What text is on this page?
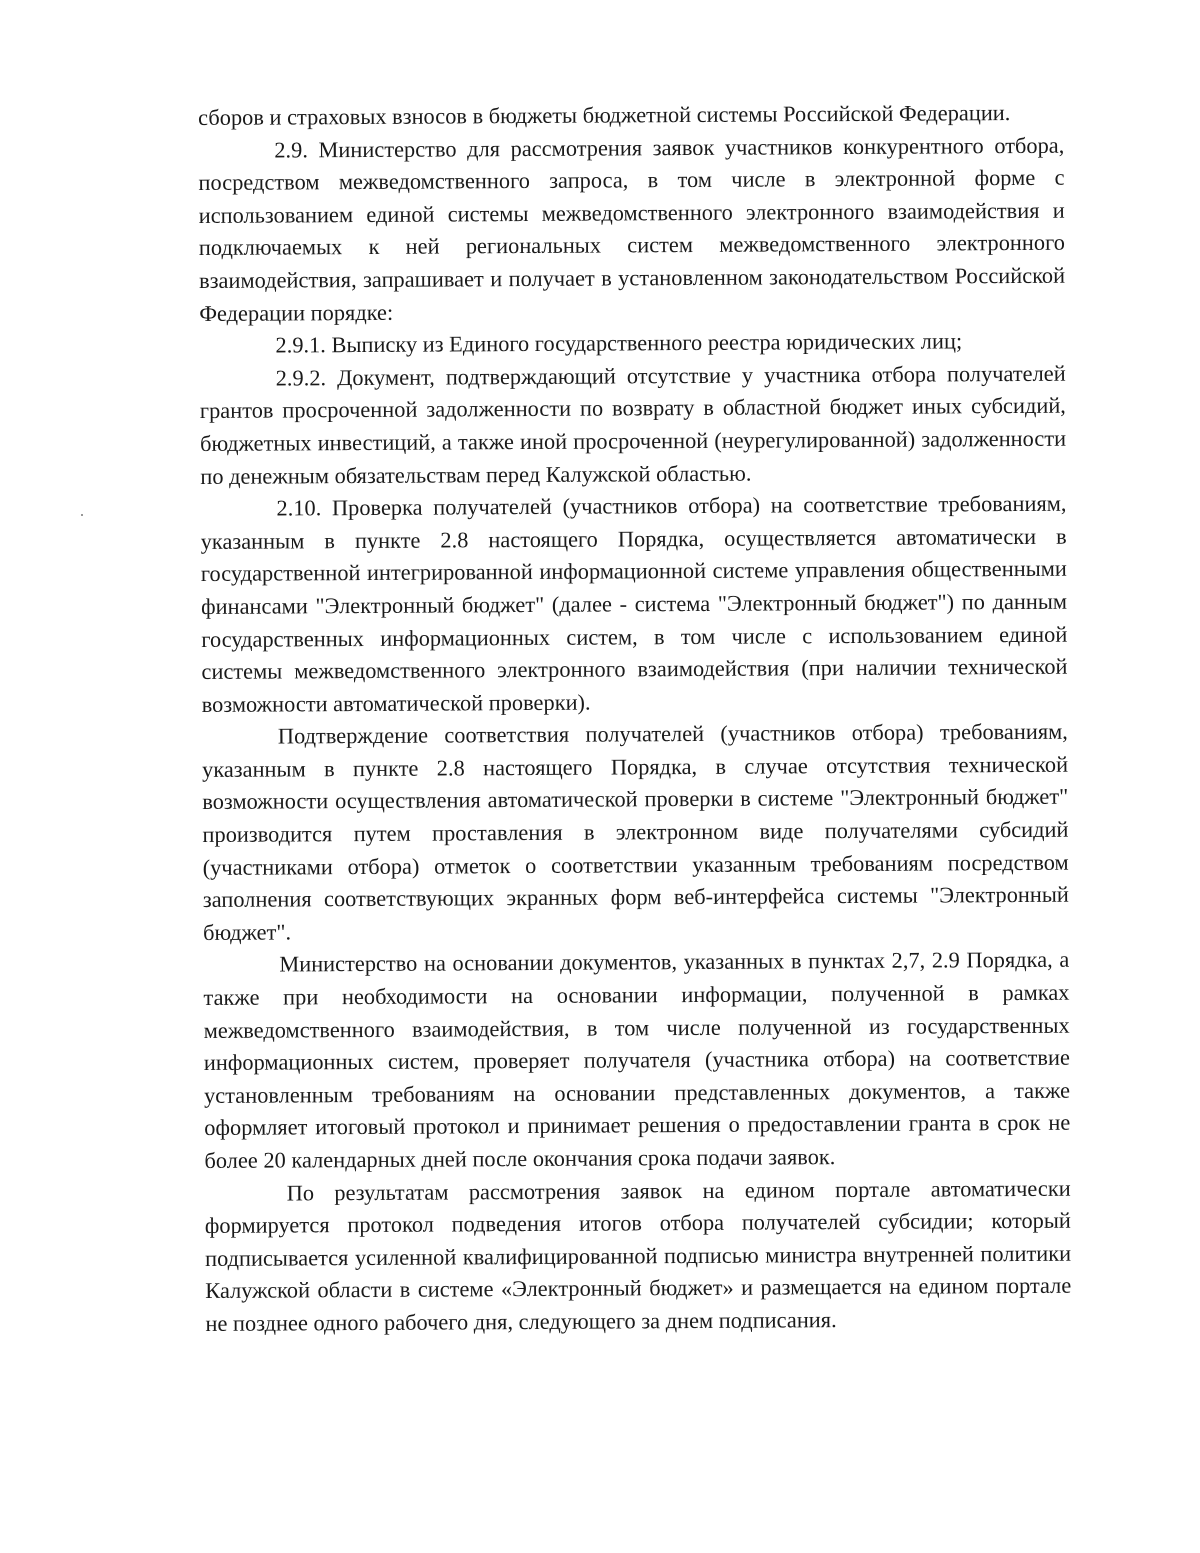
сборов и страховых взносов в бюджеты бюджетной системы Российской Федерации.

2.9. Министерство для рассмотрения заявок участников конкурентного отбора, посредством межведомственного запроса, в том числе в электронной форме с использованием единой системы межведомственного электронного взаимодействия и подключаемых к ней региональных систем межведомственного электронного взаимодействия, запрашивает и получает в установленном законодательством Российской Федерации порядке:

2.9.1. Выписку из Единого государственного реестра юридических лиц;

2.9.2. Документ, подтверждающий отсутствие у участника отбора получателей грантов просроченной задолженности по возврату в областной бюджет иных субсидий, бюджетных инвестиций, а также иной просроченной (неурегулированной) задолженности по денежным обязательствам перед Калужской областью.

2.10. Проверка получателей (участников отбора) на соответствие требованиям, указанным в пункте 2.8 настоящего Порядка, осуществляется автоматически в государственной интегрированной информационной системе управления общественными финансами "Электронный бюджет" (далее - система "Электронный бюджет") по данным государственных информационных систем, в том числе с использованием единой системы межведомственного электронного взаимодействия (при наличии технической возможности автоматической проверки).

Подтверждение соответствия получателей (участников отбора) требованиям, указанным в пункте 2.8 настоящего Порядка, в случае отсутствия технической возможности осуществления автоматической проверки в системе "Электронный бюджет" производится путем проставления в электронном виде получателями субсидий (участниками отбора) отметок о соответствии указанным требованиям посредством заполнения соответствующих экранных форм веб-интерфейса системы "Электронный бюджет".

Министерство на основании документов, указанных в пунктах 2,7, 2.9 Порядка, а также при необходимости на основании информации, полученной в рамках межведомственного взаимодействия, в том числе полученной из государственных информационных систем, проверяет получателя (участника отбора) на соответствие установленным требованиям на основании представленных документов, а также оформляет итоговый протокол и принимает решения о предоставлении гранта в срок не более 20 календарных дней после окончания срока подачи заявок.

По результатам рассмотрения заявок на едином портале автоматически формируется протокол подведения итогов отбора получателей субсидии; который подписывается усиленной квалифицированной подписью министра внутренней политики Калужской области в системе «Электронный бюджет» и размещается на едином портале не позднее одного рабочего дня, следующего за днем подписания.
